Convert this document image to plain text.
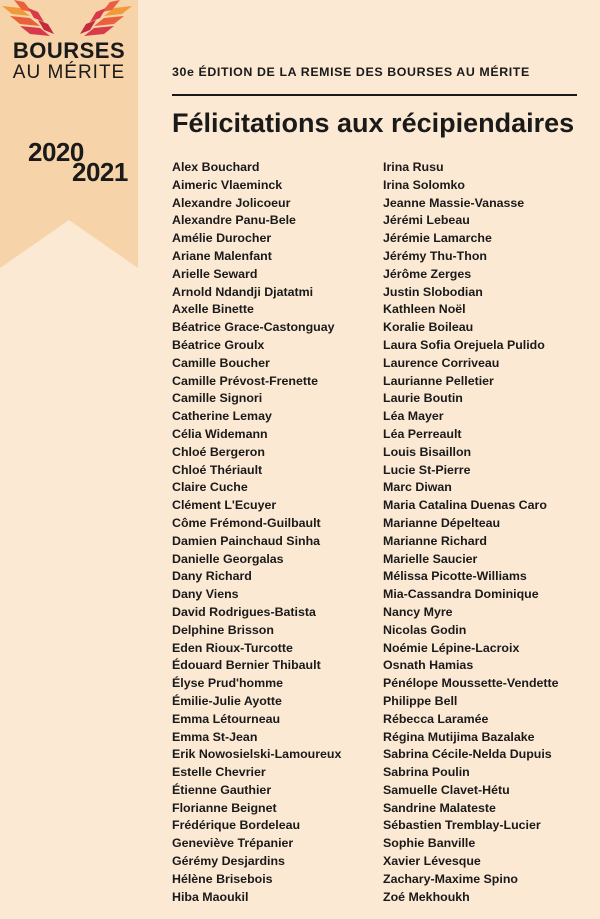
BOURSES
AU MÉRITE
2020
2021
30e ÉDITION DE LA REMISE DES BOURSES AU MÉRITE
Félicitations aux récipiendaires
Alex Bouchard
Aimeric Vlaeminck
Alexandre Jolicoeur
Alexandre Panu-Bele
Amélie Durocher
Ariane Malenfant
Arielle Seward
Arnold Ndandji Djatatmi
Axelle Binette
Béatrice Grace-Castonguay
Béatrice Groulx
Camille Boucher
Camille Prévost-Frenette
Camille Signori
Catherine Lemay
Célia Widemann
Chloé Bergeron
Chloé Thériault
Claire Cuche
Clément L'Ecuyer
Côme Frémond-Guilbault
Damien Painchaud Sinha
Danielle Georgalas
Dany Richard
Dany Viens
David Rodrigues-Batista
Delphine Brisson
Eden Rioux-Turcotte
Édouard Bernier Thibault
Élyse Prud'homme
Émilie-Julie Ayotte
Emma Létourneau
Emma St-Jean
Erik Nowosielski-Lamoureux
Estelle Chevrier
Étienne Gauthier
Florianne Beignet
Frédérique Bordeleau
Geneviève Trépanier
Gérémy Desjardins
Hélène Brisebois
Hiba Maoukil
Irina Rusu
Irina Solomko
Jeanne Massie-Vanasse
Jérémi Lebeau
Jérémie Lamarche
Jérémy Thu-Thon
Jérôme Zerges
Justin Slobodian
Kathleen Noël
Koralie Boileau
Laura Sofia Orejuela Pulido
Laurence Corriveau
Laurianne Pelletier
Laurie Boutin
Léa Mayer
Léa Perreault
Louis Bisaillon
Lucie St-Pierre
Marc Diwan
Maria Catalina Duenas Caro
Marianne Dépelteau
Marianne Richard
Marielle Saucier
Mélissa Picotte-Williams
Mia-Cassandra Dominique
Nancy Myre
Nicolas Godin
Noémie Lépine-Lacroix
Osnath Hamias
Pénélope Moussette-Vendette
Philippe Bell
Rébecca Laramée
Régina Mutijima Bazalake
Sabrina Cécile-Nelda Dupuis
Sabrina Poulin
Samuelle Clavet-Hétu
Sandrine Malateste
Sébastien Tremblay-Lucier
Sophie Banville
Xavier Lévesque
Zachary-Maxime Spino
Zoé Mekhoukh
